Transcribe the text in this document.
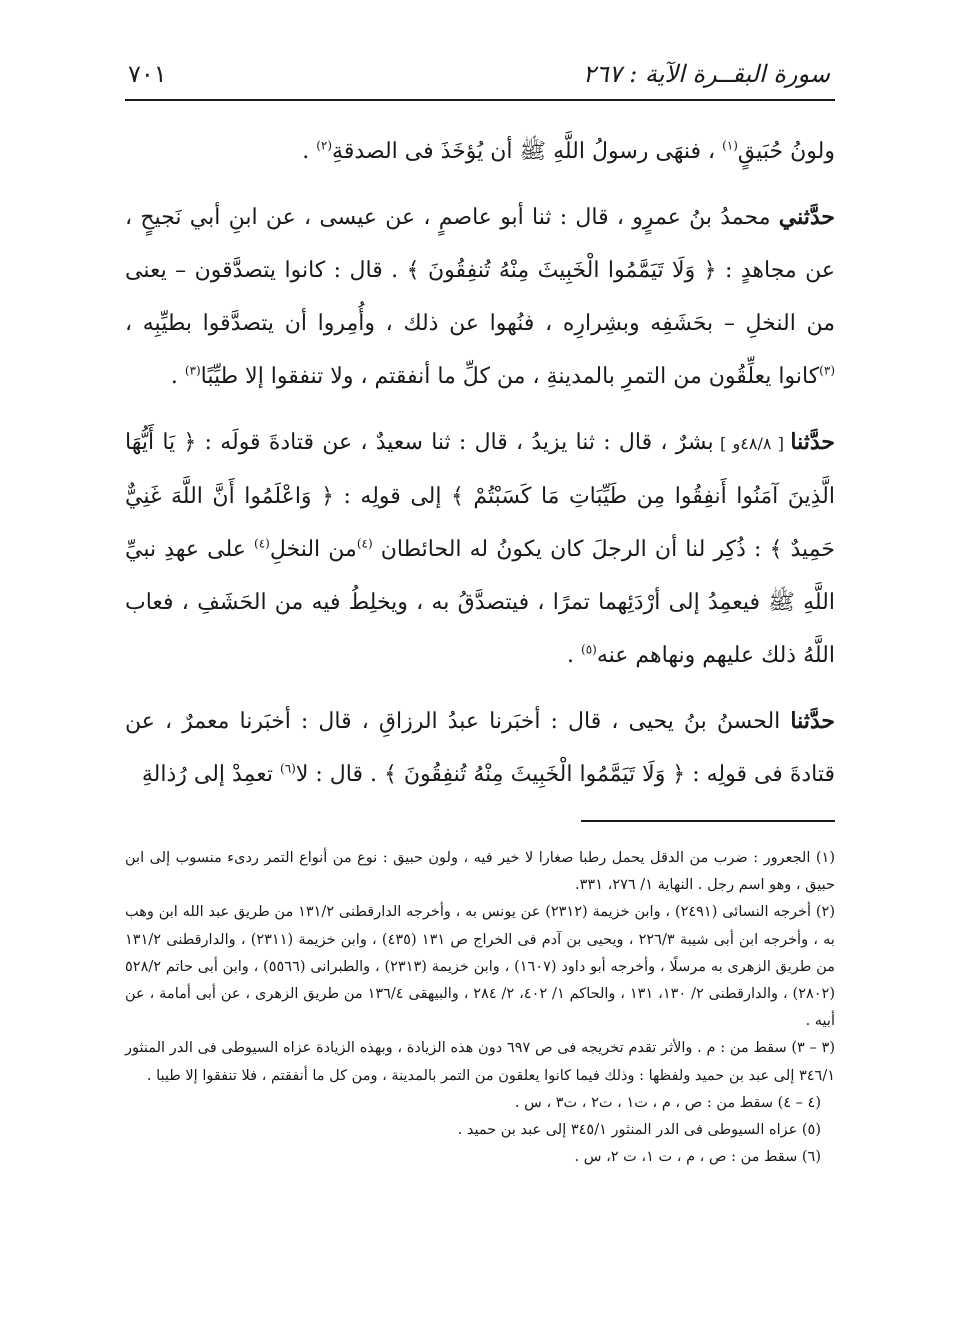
سورة البقــرة الآية : ٢٦٧
٧٠١

ولونُ حُبَيقٍ$^{(١)}$ ، فنهَى رسولُ اللَّهِ ﷺ أن يُؤخَذَ فى الصدقةِ$^{(٢)}$ .

حدَّثني محمدُ بنُ عمرٍو ، قال : ثنا أبو عاصمٍ ، عن عيسى ، عن ابنِ أبي نَجيحٍ ، عن مجاهدٍ : ﴿ وَلَا تَيَمَّمُوا الْخَبِيثَ مِنْهُ تُنفِقُونَ ﴾ . قال : كانوا يتصدَّقون – يعنى من النخلِ – بحَشَفِه وبشِرارِه ، فنُهوا عن ذلك ، وأُمِروا أن يتصدَّقوا بطيِّبِه ، $^{(٣)}$كانوا يعلِّقُون من التمرِ بالمدينةِ ، من كلِّ ما أنفقتم ، ولا تنفقوا إلا طيِّبًا$^{(٣)}$ .

حدَّثنا [ ٤٨/٨و ] بشرٌ ، قال : ثنا يزيدُ ، قال : ثنا سعيدٌ ، عن قتادةَ قولَه : ﴿ يَا أَيُّهَا الَّذِينَ آمَنُوا أَنفِقُوا مِن طَيِّبَاتِ مَا كَسَبْتُمْ ﴾ إلى قولِه : ﴿ وَاعْلَمُوا أَنَّ اللَّهَ غَنِيٌّ حَمِيدٌ ﴾ : ذُكِر لنا أن الرجلَ كان يكونُ له الحائطان $^{(٤)}$من النخلِ$^{(٤)}$ على عهدِ نبيِّ اللَّهِ ﷺ فيعمِدُ إلى أرْدَئِهما تمرًا ، فيتصدَّقُ به ، ويخلِطُ فيه من الحَشَفِ ، فعاب اللَّهُ ذلك عليهم ونهاهم عنه$^{(٥)}$ .

حدَّثنا الحسنُ بنُ يحيى ، قال : أخبَرنا عبدُ الرزاقِ ، قال : أخبَرنا معمرٌ ، عن قتادةَ فى قولِه : ﴿ وَلَا تَيَمَّمُوا الْخَبِيثَ مِنْهُ تُنفِقُونَ ﴾ . قال : لا$^{(٦)}$ تعمِدْ إلى رُذالةِ

(١) الجعرور : ضرب من الدقل يحمل رطبا صغارا لا خير فيه ، ولون حبيق : نوع من أنواع التمر ردىء منسوب إلى ابن حبيق ، وهو اسم رجل . النهاية ١/ ٢٧٦، ٣٣١.

(٢) أخرجه النسائى (٢٤٩١) ، وابن خزيمة (٢٣١٢) عن يونس به ، وأخرجه الدارقطنى ١٣١/٢ من طريق عبد الله ابن وهب به ، وأخرجه ابن أبى شيبة ٢٢٦/٣ ، ويحيى بن آدم فى الخراج ص ١٣١ (٤٣٥) ، وابن خزيمة (٢٣١١) ، والدارقطنى ١٣١/٢ من طريق الزهرى به مرسلًا ، وأخرجه أبو داود (١٦٠٧) ، وابن خزيمة (٢٣١٣) ، والطبرانى (٥٥٦٦) ، وابن أبى حاتم ٥٢٨/٢ (٢٨٠٢) ، والدارقطنى ٢/ ١٣٠، ١٣١ ، والحاكم ١/ ٤٠٢، ٢/ ٢٨٤ ، والبيهقى ١٣٦/٤ من طريق الزهرى ، عن أبى أمامة ، عن أبيه .

(٣ – ٣) سقط من : م . والأثر تقدم تخريجه فى ص ٦٩٧ دون هذه الزيادة ، وبهذه الزيادة عزاه السيوطى فى الدر المنثور ٣٤٦/١ إلى عبد بن حميد ولفظها : وذلك فيما كانوا يعلقون من التمر بالمدينة ، ومن كل ما أنفقتم ، فلا تنفقوا إلا طيبا .

(٤ – ٤) سقط من : ص ، م ، ت١ ، ت٢ ، ت٣ ، س .

(٥) عزاه السيوطى فى الدر المنثور ٣٤٥/١ إلى عبد بن حميد .

(٦) سقط من : ص ، م ، ت ١، ت ٢، س .
